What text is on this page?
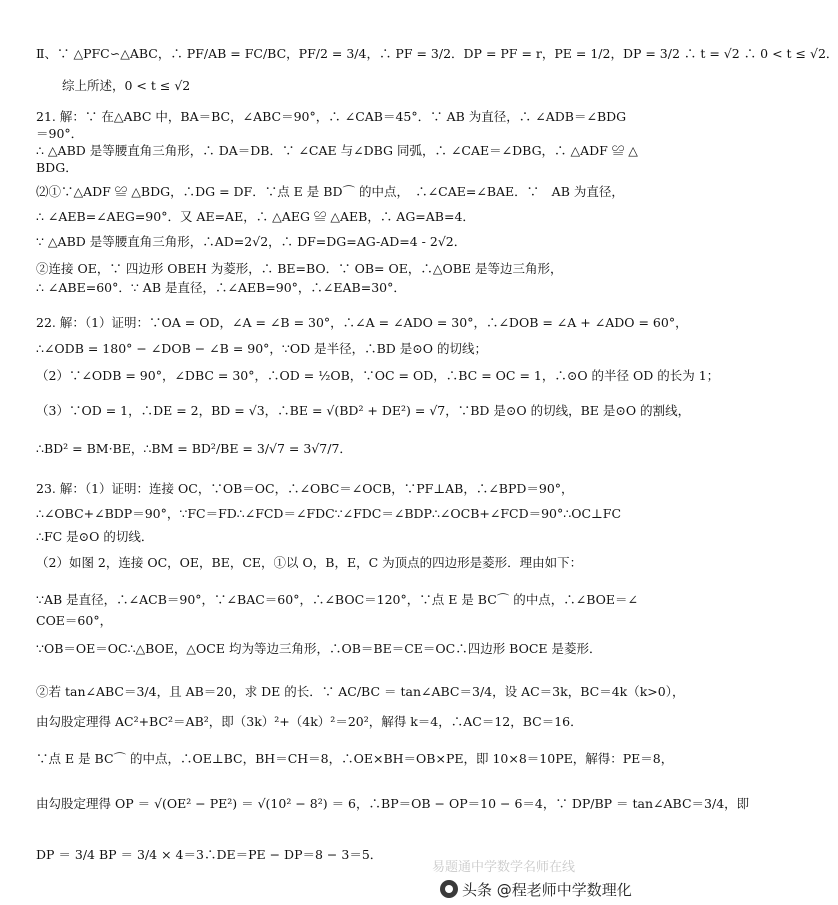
Ⅱ、∵ △PFC∽△ABC，∴ PF/AB = FC/BC，PF/2 = 3/4，∴ PF = 3/2．DP = PF = r，PE = 1/2，DP = 3/2 ∴ t = √2 ∴ 0 < t ≤ √2．
综上所述，0 < t ≤ √2
21. 解：∵ 在△ABC 中，BA＝BC，∠ABC＝90°，∴ ∠CAB＝45°．∵ AB 为直径，∴ ∠ADB＝∠BDG
＝90°．
∴ △ABD 是等腰直角三角形，∴ DA＝DB．∵ ∠CAE 与∠DBG 同弧，∴ ∠CAE＝∠DBG，∴ △ADF ≌ △
BDG．
⑵①∵△ADF ≌ △BDG，∴DG = DF．∵点 E 是 BD⌒ 的中点，　∴∠CAE=∠BAE．∵　AB 为直径，
∴ ∠AEB=∠AEG=90°．又 AE=AE，∴ △AEG ≌ △AEB，∴ AG=AB=4．
∵ △ABD 是等腰直角三角形，∴AD=2√2，∴ DF=DG=AG-AD=4 - 2√2．
②连接 OE，∵ 四边形 OBEH 为菱形，∴ BE=BO．∵ OB= OE，∴△OBE 是等边三角形，
∴ ∠ABE=60°．∵ AB 是直径，∴∠AEB=90°，∴∠EAB=30°．
22. 解：（1）证明：∵OA = OD，∠A = ∠B = 30°，∴∠A = ∠ADO = 30°，∴∠DOB = ∠A + ∠ADO = 60°，
∴∠ODB = 180° − ∠DOB − ∠B = 90°，∵OD 是半径，∴BD 是⊙O 的切线；
（2）∵∠ODB = 90°，∠DBC = 30°，∴OD = ½OB，∵OC = OD，∴BC = OC = 1，∴⊙O 的半径 OD 的长为 1；
（3）∵OD = 1，∴DE = 2，BD = √3，∴BE = √(BD² + DE²) = √7，∵BD 是⊙O 的切线，BE 是⊙O 的割线，
∴BD² = BM·BE，∴BM = BD²/BE = 3/√7 = 3√7/7．
23. 解：（1）证明：连接 OC，∵OB＝OC，∴∠OBC＝∠OCB，∵PF⊥AB，∴∠BPD＝90°，
∴∠OBC+∠BDP＝90°，∵FC＝FD∴∠FCD＝∠FDC∵∠FDC＝∠BDP∴∠OCB+∠FCD＝90°∴OC⊥FC
∴FC 是⊙O 的切线．
（2）如图 2，连接 OC，OE，BE，CE，①以 O，B，E，C 为顶点的四边形是菱形．理由如下：
∵AB 是直径，∴∠ACB＝90°，∵∠BAC＝60°，∴∠BOC＝120°，∵点 E 是 BC⌒ 的中点，∴∠BOE＝∠
COE＝60°，
∵OB＝OE＝OC∴△BOE，△OCE 均为等边三角形，∴OB＝BE＝CE＝OC∴四边形 BOCE 是菱形．
②若 tan∠ABC＝3/4，且 AB＝20，求 DE 的长．∵ AC/BC ＝ tan∠ABC＝3/4，设 AC＝3k，BC＝4k（k>0），
由勾股定理得 AC²+BC²＝AB²，即（3k）²+（4k）²＝20²，解得 k＝4，∴AC＝12，BC＝16．
∵点 E 是 BC⌒ 的中点，∴OE⊥BC，BH＝CH＝8，∴OE×BH＝OB×PE，即 10×8＝10PE，解得：PE＝8，
由勾股定理得 OP ＝ √(OE² − PE²) ＝ √(10² − 8²) ＝ 6，∴BP＝OB − OP＝10 − 6＝4，∵ DP/BP ＝ tan∠ABC＝3/4，即
DP ＝ 3/4 BP ＝ 3/4 × 4＝3∴DE＝PE − DP＝8 − 3＝5．
易题通中学数学名师在线
头条 @程老师中学数理化
